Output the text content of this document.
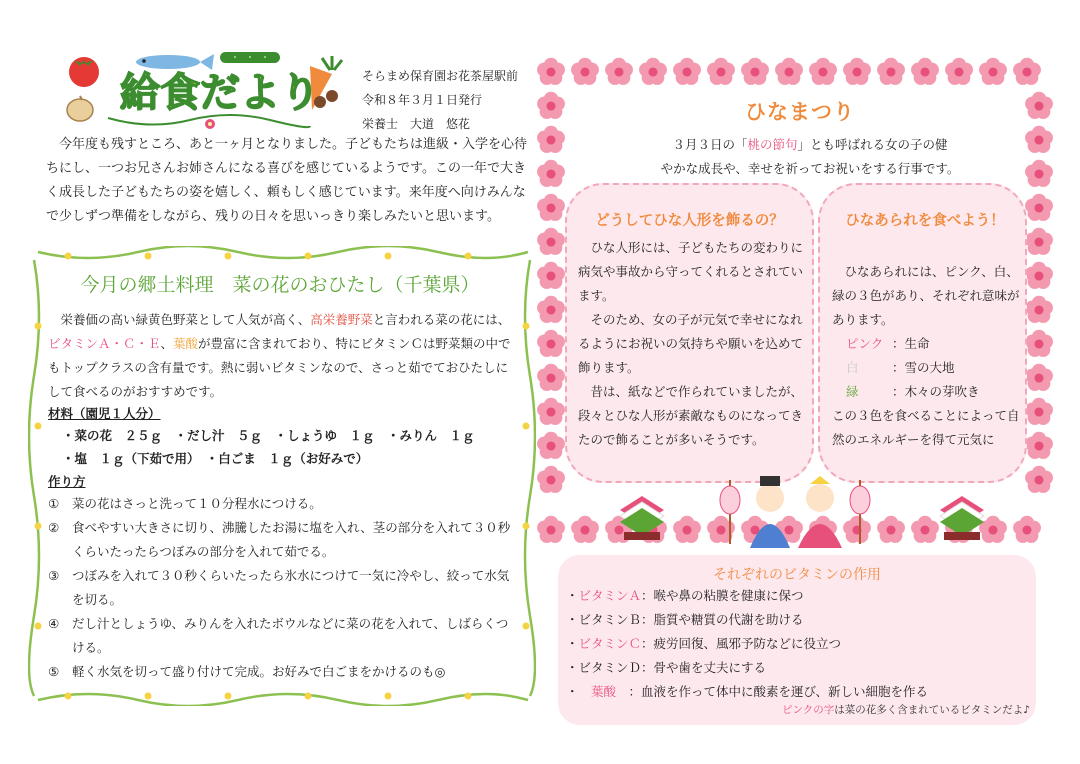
給食だより	そらまめ保育園お花茶屋駅前
令和８年３月１日発行
栄養士　大道　悠花
今年度も残すところ、あと一ヶ月となりました。子どもたちは進級・入学を心待ちにし、一つお兄さんお姉さんになる喜びを感じているようです。この一年で大きく成長した子どもたちの姿を嬉しく、頼もしく感じています。来年度へ向けみんなで少しずつ準備をしながら、残りの日々を思いっきり楽しみたいと思います。
今月の郷土料理　菜の花のおひたし（千葉県）
栄養価の高い緑黄色野菜として人気が高く、高栄養野菜と言われる菜の花には、ビタミンＡ・Ｃ・Ｅ、葉酸が豊富に含まれており、特にビタミンＣは野菜類の中でもトップクラスの含有量です。熱に弱いビタミンなので、さっと茹でておひたしにして食べるのがおすすめです。
材料（園児１人分）
・菜の花　２５ｇ　・だし汁　５ｇ　・しょうゆ　１ｇ　・みりん　１ｇ
・塩　１ｇ（下茹で用）　・白ごま　１ｇ（お好みで）
作り方
① 菜の花はさっと洗って１０分程水につける。
② 食べやすい大きさに切り、沸騰したお湯に塩を入れ、茎の部分を入れて３０秒くらいたったらつぼみの部分を入れて茹でる。
③ つぼみを入れて３０秒くらいたったら氷水につけて一気に冷やし、絞って水気を切る。
④ だし汁としょうゆ、みりんを入れたボウルなどに菜の花を入れて、しばらくつける。
⑤ 軽く水気を切って盛り付けて完成。お好みで白ごまをかけるのも◎
ひなまつり
３月３日の「桃の節句」とも呼ばれる女の子の健
やかな成長や、幸せを祈ってお祝いをする行事です。
どうしてひな人形を飾るの？
ひな人形には、子どもたちの変わりに病気や事故から守ってくれるとされています。
そのため、女の子が元気で幸せになれるようにお祝いの気持ちや願いを込めて飾ります。
昔は、紙などで作られていましたが、段々とひな人形が素敵なものになってきたので飾ることが多いそうです。
ひなあられを食べよう！
ひなあられには、ピンク、白、緑の３色があり、それぞれ意味があります。
ピンク ：生命
白　：雪の大地
緑　：木々の芽吹き
この３色を食べることによって自然のエネルギーを得て元気に
それぞれのビタミンの作用
・ビタミンＡ：喉や鼻の粘膜を健康に保つ
・ビタミンＢ：脂質や糖質の代謝を助ける
・ビタミンＣ：疲労回復、風邪予防などに役立つ
・ビタミンＤ：骨や歯を丈夫にする
・　葉酸　：血液を作って体中に酸素を運び、新しい細胞を作る
ピンクの字は菜の花多く含まれているビタミンだよ♪
